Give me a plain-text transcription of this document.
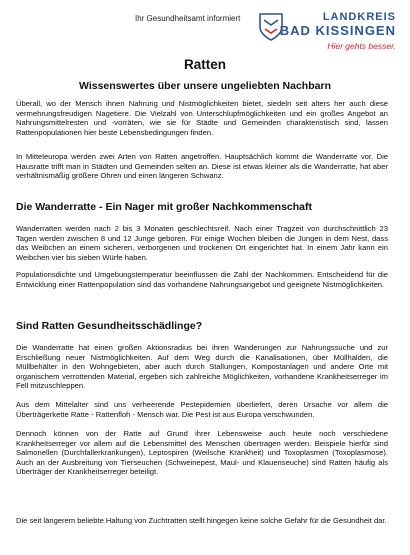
Ihr Gesundheitsamt informiert	LANDKREIS
BAD KISSINGEN
Hier gehts besser.
Ratten
Wissenswertes über unsere ungeliebten Nachbarn
Überall, wo der Mensch ihnen Nahrung und Nistmöglichkeiten bietet, siedeln seit alters her auch diese vermehrungsfreudigen Nagetiere. Die Vielzahl von Unterschlupfmöglichkeiten und ein großes Angebot an Nahrungsmittelresten und -vorräten, wie sie für Städte und Gemeinden charakteristisch sind, lassen Rattenpopulationen hier beste Lebensbedingungen finden.
In Mitteleuropa werden zwei Arten von Ratten angetroffen. Hauptsächlich kommt die Wanderratte vor. Die Hausratte trifft man in Städten und Gemeinden selten an. Diese ist etwas kleiner als die Wanderratte, hat aber verhältnismäßig größere Ohren und einen längeren Schwanz.
Die Wanderratte - Ein Nager mit großer Nachkommenschaft
Wanderratten werden nach 2 bis 3 Monaten geschlechtsreif. Nach einer Tragzeit von durchschnittlich 23 Tagen werden zwischen 8 und 12 Junge geboren. Für einige Wochen bleiben die Jungen in dem Nest, dass das Weibchen an einem sicheren, verborgenen und trockenen Ort eingerichtet hat. In einem Jahr kann ein Weibchen vier bis sieben Würfe haben.
Populationsdichte und Umgebungstemperatur beeinflussen die Zahl der Nachkommen. Entscheidend für die Entwicklung einer Rattenpopulation sind das vorhandene Nahrungsangebot und geeignete Nistmöglichkeiten.
Sind Ratten Gesundheitsschädlinge?
Die Wanderratte hat einen großen Aktionsradius bei ihren Wanderungen zur Nahrungssuche und zur Erschließung neuer Nistmöglichkeiten. Auf dem Weg durch die Kanalisationen, über Müllhalden, die Müllbehälter in den Wohngebieten, aber auch durch Stallungen, Kompostanlagen und andere Orte mit organischem verrottenden Material, ergeben sich zahlreiche Möglichkeiten, vorhandene Krankheitserreger im Fell mitzuschleppen.
Aus dem Mittelalter sind uns verheerende Pestepidemien überliefert, deren Ursache vor allem die Überträgerkette Ratte - Rattenfloh - Mensch war. Die Pest ist aus Europa verschwunden.
Dennoch können von der Ratte auf Grund ihrer Lebensweise auch heute noch verschiedene Krankheitserreger vor allem auf die Lebensmittel des Menschen übertragen werden. Beispiele hierfür sind Salmonellen (Durchfallerkrankungen), Leptospiren (Weilsche Krankheit) und Toxoplasmen (Toxoplasmose). Auch an der Ausbreitung von Tierseuchen (Schweinepest, Maul- und Klauenseuche) sind Ratten häufig als Überträger der Krankheitserreger beteiligt.
Die seit längerem beliebte Haltung von Zuchtratten stellt hingegen keine solche Gefahr für die Gesundheit dar.
